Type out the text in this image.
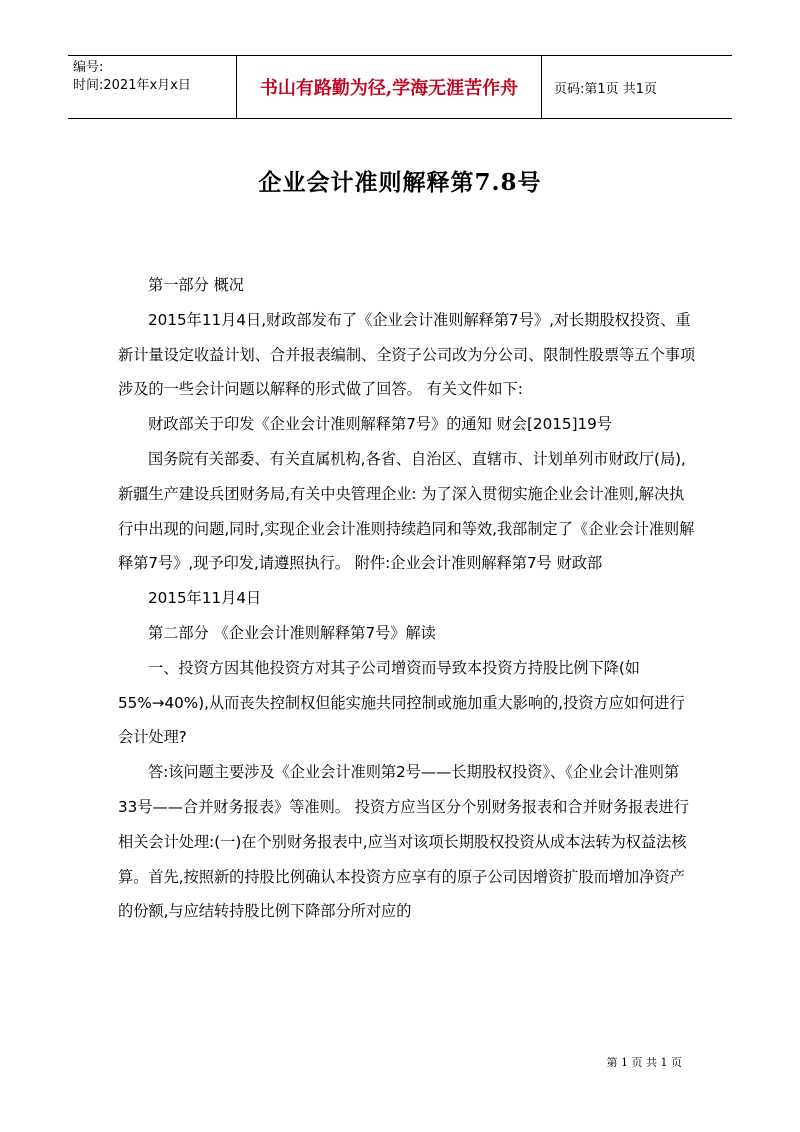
编号:
时间:2021年x月x日	书山有路勤为径,学海无涯苦作舟	页码:第1页 共1页
企业会计准则解释第7.8号

第一部分 概况

2015年11月4日,财政部发布了《企业会计准则解释第7号》,对长期股权投资、重新计量设定收益计划、合并报表编制、全资子公司改为分公司、限制性股票等五个事项涉及的一些会计问题以解释的形式做了回答。 有关文件如下:

财政部关于印发《企业会计准则解释第7号》的通知 财会[2015]19号

国务院有关部委、有关直属机构,各省、自治区、直辖市、计划单列市财政厅(局),新疆生产建设兵团财务局,有关中央管理企业: 为了深入贯彻实施企业会计准则,解决执行中出现的问题,同时,实现企业会计准则持续趋同和等效,我部制定了《企业会计准则解释第7号》,现予印发,请遵照执行。 附件:企业会计准则解释第7号 财政部

2015年11月4日

第二部分 《企业会计准则解释第7号》解读

一、投资方因其他投资方对其子公司增资而导致本投资方持股比例下降(如55%→40%),从而丧失控制权但能实施共同控制或施加重大影响的,投资方应如何进行会计处理?

答:该问题主要涉及《企业会计准则第2号——长期股权投资》、《企业会计准则第33号——合并财务报表》等准则。 投资方应当区分个别财务报表和合并财务报表进行相关会计处理:(一)在个别财务报表中,应当对该项长期股权投资从成本法转为权益法核算。首先,按照新的持股比例确认本投资方应享有的原子公司因增资扩股而增加净资产的份额,与应结转持股比例下降部分所对应的

第 1 页 共 1 页
